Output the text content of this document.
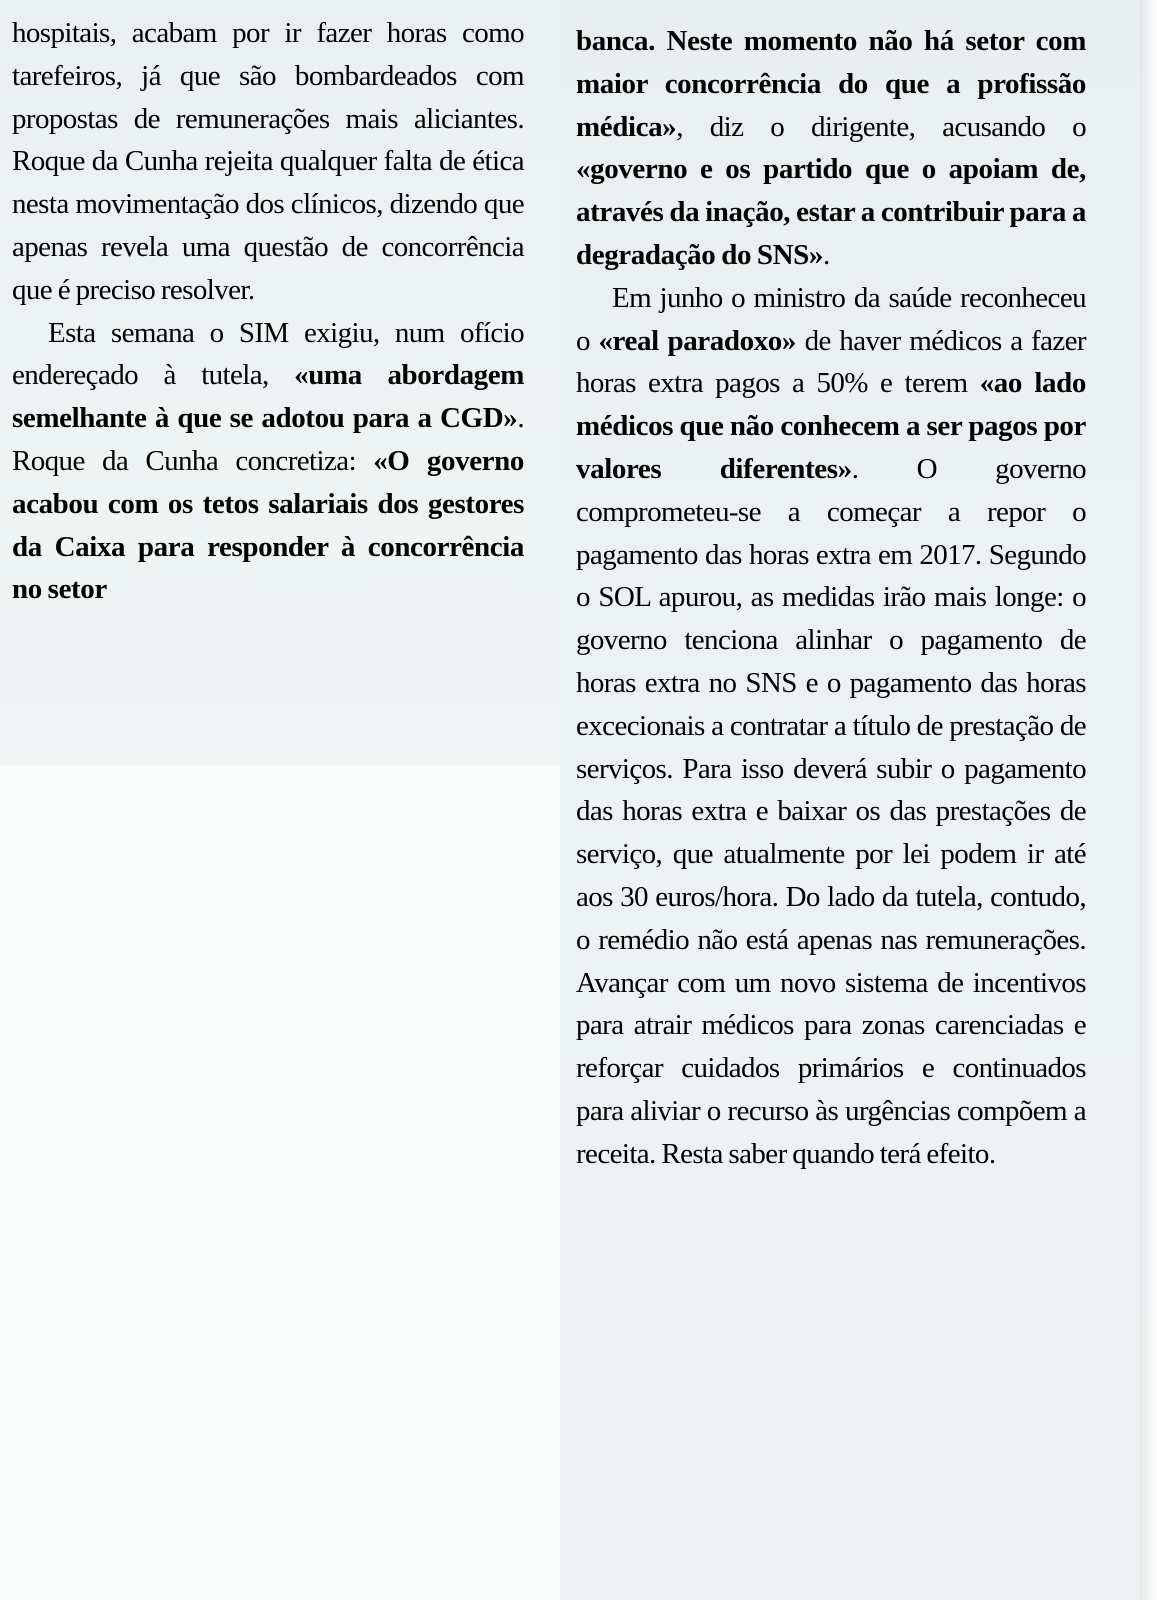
hospitais, acabam por ir fazer horas como tarefeiros, já que são bombardeados com propostas de remunerações mais aliciantes. Roque da Cunha rejeita qualquer falta de ética nesta movimentação dos clínicos, dizendo que apenas revela uma questão de concorrência que é preciso resolver.

Esta semana o SIM exigiu, num ofício endereçado à tutela, «uma abordagem semelhante à que se adotou para a CGD». Roque da Cunha concretiza: «O governo acabou com os tetos salariais dos gestores da Caixa para responder à concorrência no setor

banca. Neste momento não há setor com maior concorrência do que a profissão médica», diz o dirigente, acusando o «governo e os partido que o apoiam de, através da inação, estar a contribuir para a degradação do SNS».

Em junho o ministro da saúde reconheceu o «real paradoxo» de haver médicos a fazer horas extra pagos a 50% e terem «ao lado médicos que não conhecem a ser pagos por valores diferentes». O governo comprometeu-se a começar a repor o pagamento das horas extra em 2017. Segundo o SOL apurou, as medidas irão mais longe: o governo tenciona alinhar o pagamento de horas extra no SNS e o pagamento das horas excecionais a contratar a título de prestação de serviços. Para isso deverá subir o pagamento das horas extra e baixar os das prestações de serviço, que atualmente por lei podem ir até aos 30 euros/hora. Do lado da tutela, contudo, o remédio não está apenas nas remunerações. Avançar com um novo sistema de incentivos para atrair médicos para zonas carenciadas e reforçar cuidados primários e continuados para aliviar o recurso às urgências compõem a receita. Resta saber quando terá efeito.
